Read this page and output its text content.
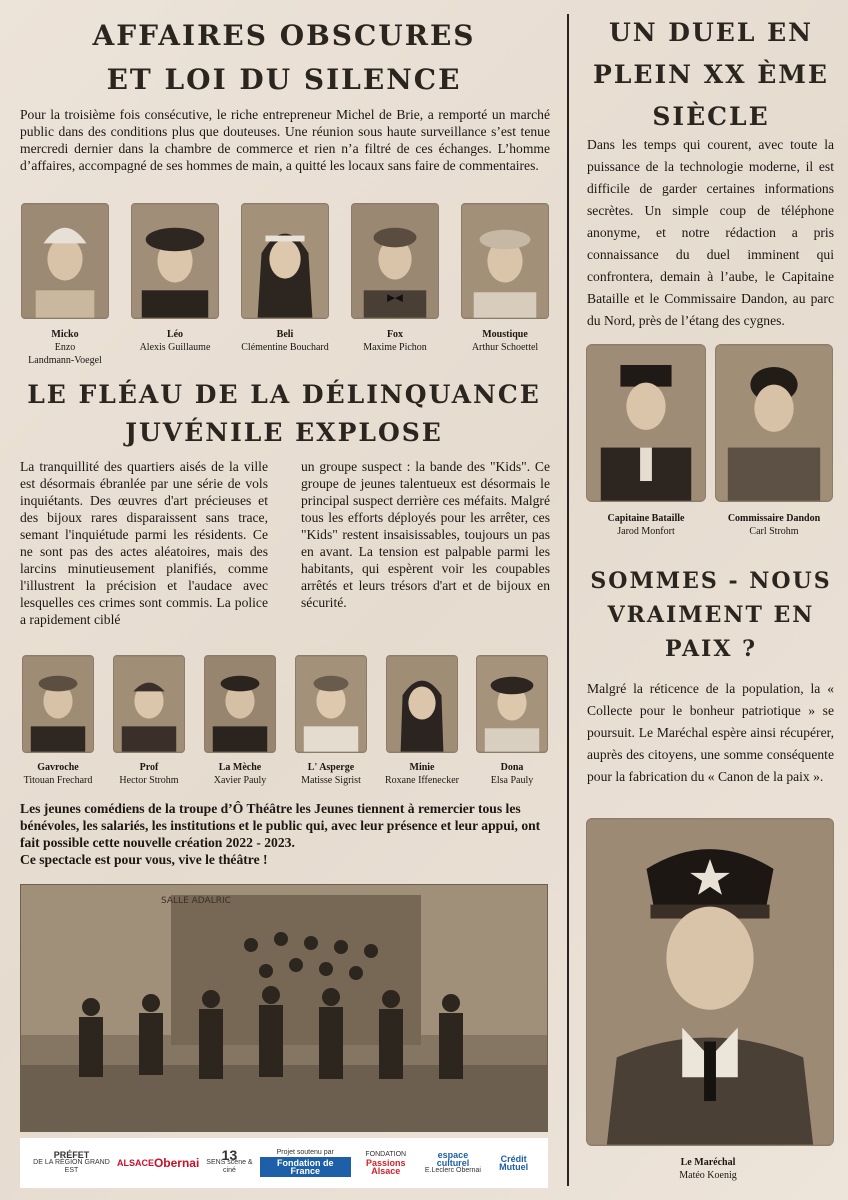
AFFAIRES OBSCURES
ET LOI DU SILENCE
Pour la troisième fois consécutive, le riche entrepreneur Michel de Brie, a remporté un marché public dans des conditions plus que douteuses. Une réunion sous haute surveillance s’est tenue mercredi dernier dans la chambre de commerce et rien n’a filtré de ces échanges. L’homme d’affaires, accompagné de ses hommes de main, a quitté les locaux sans faire de commentaires.
Micko
Enzo
Landmann-Voegel
Léo
Alexis Guillaume
Beli
Clémentine Bouchard
Fox
Maxime Pichon
Moustique
Arthur Schoettel
LE FLÉAU DE LA DÉLINQUANCE
JUVÉNILE EXPLOSE
La tranquillité des quartiers aisés de la ville est désormais ébranlée par une série de vols inquiétants. Des œuvres d'art précieuses et des bijoux rares disparaissent sans trace, semant l'inquiétude parmi les résidents. Ce ne sont pas des actes aléatoires, mais des larcins minutieusement planifiés, comme l'illustrent la précision et l'audace avec lesquelles ces crimes sont commis. La police a rapidement ciblé
un groupe suspect : la bande des "Kids". Ce groupe de jeunes talentueux est désormais le principal suspect derrière ces méfaits. Malgré tous les efforts déployés pour les arrêter, ces "Kids" restent insaisissables, toujours un pas en avant. La tension est palpable parmi les habitants, qui espèrent voir les coupables arrêtés et leurs trésors d'art et de bijoux en sécurité.
Gavroche
Titouan Frechard
Prof
Hector Strohm
La Mèche
Xavier Pauly
L' Asperge
Matisse Sigrist
Minie
Roxane Iffenecker
Dona
Elsa Pauly
Les jeunes comédiens de la troupe d’Ô Théâtre les Jeunes tiennent à remercier tous les bénévoles, les salariés, les institutions et le public qui, avec leur présence et leur appui, ont fait possible cette nouvelle création 2022 - 2023.
Ce spectacle est pour vous, vive le théâtre !
SALLE ADALRIC
PRÉFET
DE LA RÉGION GRAND EST
ALSACE Obernai	13
SENS scène & ciné
Projet soutenu par
Fondation de France
FONDATION
Passions Alsace
espace culturel
E.Leclerc Obernai
Crédit Mutuel
UN DUEL EN
PLEIN XX ÈME
SIÈCLE
Dans les temps qui courent, avec toute la puissance de la technologie moderne, il est difficile de garder certaines informations secrètes. Un simple coup de téléphone anonyme, et notre rédaction a pris connaissance du duel imminent qui confrontera, demain à l’aube, le Capitaine Bataille et le Commissaire Dandon, au parc du Nord, près de l’étang des cygnes.
Capitaine Bataille
Jarod Monfort
Commissaire Dandon
Carl Strohm
SOMMES - NOUS
VRAIMENT EN
PAIX ?
Malgré la réticence de la population, la « Collecte pour le bonheur patriotique » se poursuit. Le Maréchal espère ainsi récupérer, auprès des citoyens, une somme conséquente pour la fabrication du « Canon de la paix ».
Le Maréchal
Matéo Koenig
